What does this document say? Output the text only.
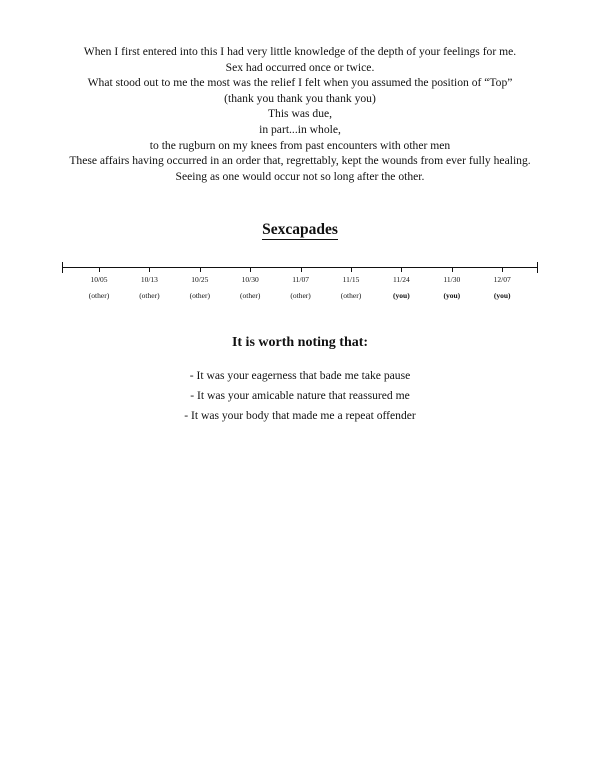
When I first entered into this I had very little knowledge of the depth of your feelings for me.
Sex had occurred once or twice.
What stood out to me the most was the relief I felt when you assumed the position of “Top”
(thank you thank you thank you)
This was due,
in part...in whole,
to the rugburn on my knees from past encounters with other men
These affairs having occurred in an order that, regrettably, kept the wounds from ever fully healing.
Seeing as one would occur not so long after the other.
Sexcapades
10/05
(other)
10/13
(other)
10/25
(other)
10/30
(other)
11/07
(other)
11/15
(other)
11/24
(you)
11/30
(you)
12/07
(you)
It is worth noting that:
- It was your eagerness that bade me take pause
- It was your amicable nature that reassured me
- It was your body that made me a repeat offender
